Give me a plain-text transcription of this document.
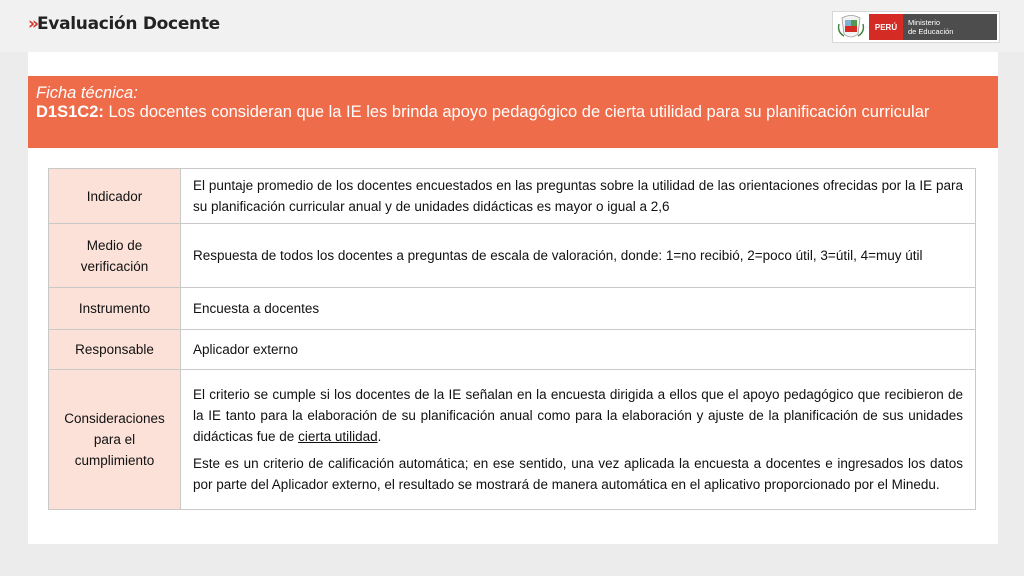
»Evaluación Docente	PERÚ	Ministerio
de Educación
Ficha técnica:
D1S1C2: Los docentes consideran que la IE les brinda apoyo pedagógico de cierta utilidad para su planificación curricular
Indicador	El puntaje promedio de los docentes encuestados en las preguntas sobre la utilidad de las orientaciones ofrecidas por la IE para su planificación curricular anual y de unidades didácticas es mayor o igual a 2,6
Medio de verificación	Respuesta de todos los docentes a preguntas de escala de valoración, donde: 1=no recibió, 2=poco útil, 3=útil, 4=muy útil
Instrumento	Encuesta a docentes
Responsable	Aplicador externo
Consideraciones para el cumplimiento	El criterio se cumple si los docentes de la IE señalan en la encuesta dirigida a ellos que el apoyo pedagógico que recibieron de la IE tanto para la elaboración de su planificación anual como para la elaboración y ajuste de la planificación de sus unidades didácticas fue de cierta utilidad.

Este es un criterio de calificación automática; en ese sentido, una vez aplicada la encuesta a docentes e ingresados los datos por parte del Aplicador externo, el resultado se mostrará de manera automática en el aplicativo proporcionado por el Minedu.
